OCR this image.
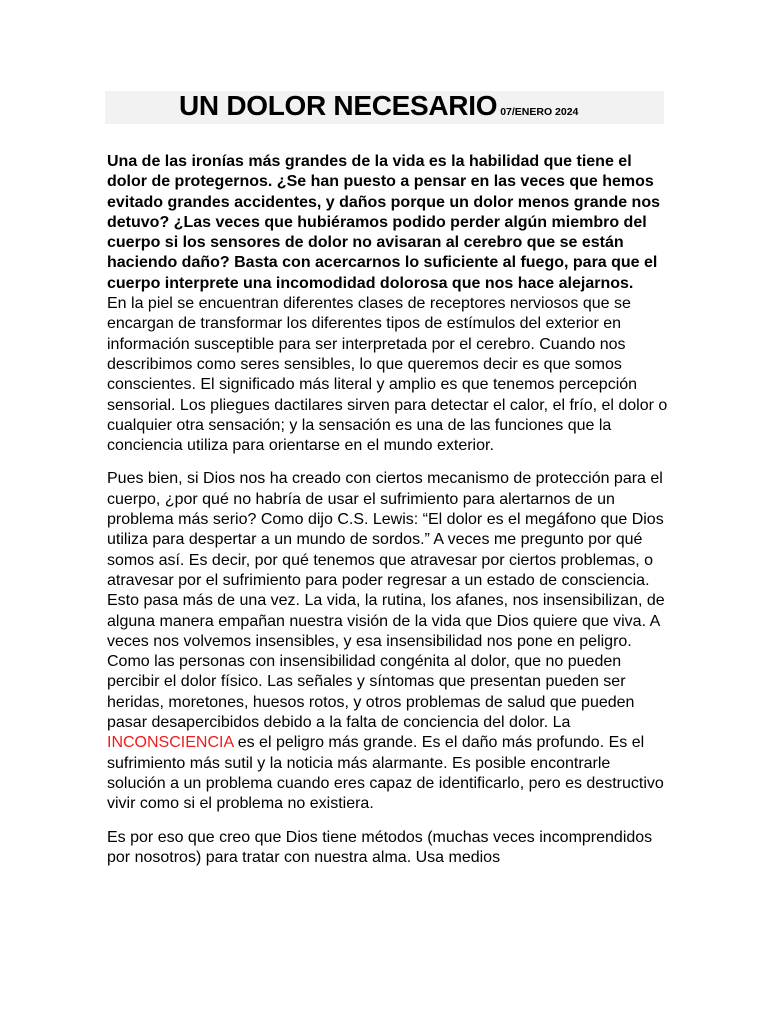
UN DOLOR NECESARIO 07/ENERO 2024

Una de las ironías más grandes de la vida es la habilidad que tiene el dolor de protegernos. ¿Se han puesto a pensar en las veces que hemos evitado grandes accidentes, y daños porque un dolor menos grande nos detuvo? ¿Las veces que hubiéramos podido perder algún miembro del cuerpo si los sensores de dolor no avisaran al cerebro que se están haciendo daño? Basta con acercarnos lo suficiente al fuego, para que el cuerpo interprete una incomodidad dolorosa que nos hace alejarnos.

En la piel se encuentran diferentes clases de receptores nerviosos que se encargan de transformar los diferentes tipos de estímulos del exterior en información susceptible para ser interpretada por el cerebro. Cuando nos describimos como seres sensibles, lo que queremos decir es que somos conscientes. El significado más literal y amplio es que tenemos percepción sensorial. Los pliegues dactilares sirven para detectar el calor, el frío, el dolor o cualquier otra sensación; y la sensación es una de las funciones que la conciencia utiliza para orientarse en el mundo exterior.

Pues bien, si Dios nos ha creado con ciertos mecanismo de protección para el cuerpo, ¿por qué no habría de usar el sufrimiento para alertarnos de un problema más serio? Como dijo C.S. Lewis: “El dolor es el megáfono que Dios utiliza para despertar a un mundo de sordos.” A veces me pregunto por qué somos así. Es decir, por qué tenemos que atravesar por ciertos problemas, o atravesar por el sufrimiento para poder regresar a un estado de consciencia. Esto pasa más de una vez. La vida, la rutina, los afanes, nos insensibilizan, de alguna manera empañan nuestra visión de la vida que Dios quiere que viva. A veces nos volvemos insensibles, y esa insensibilidad nos pone en peligro. Como las personas con insensibilidad congénita al dolor, que no pueden percibir el dolor físico. Las señales y síntomas que presentan pueden ser heridas, moretones, huesos rotos, y otros problemas de salud que pueden pasar desapercibidos debido a la falta de conciencia del dolor. La INCONSCIENCIA es el peligro más grande. Es el daño más profundo. Es el sufrimiento más sutil y la noticia más alarmante. Es posible encontrarle solución a un problema cuando eres capaz de identificarlo, pero es destructivo vivir como si el problema no existiera.

Es por eso que creo que Dios tiene métodos (muchas veces incomprendidos por nosotros) para tratar con nuestra alma. Usa medios
